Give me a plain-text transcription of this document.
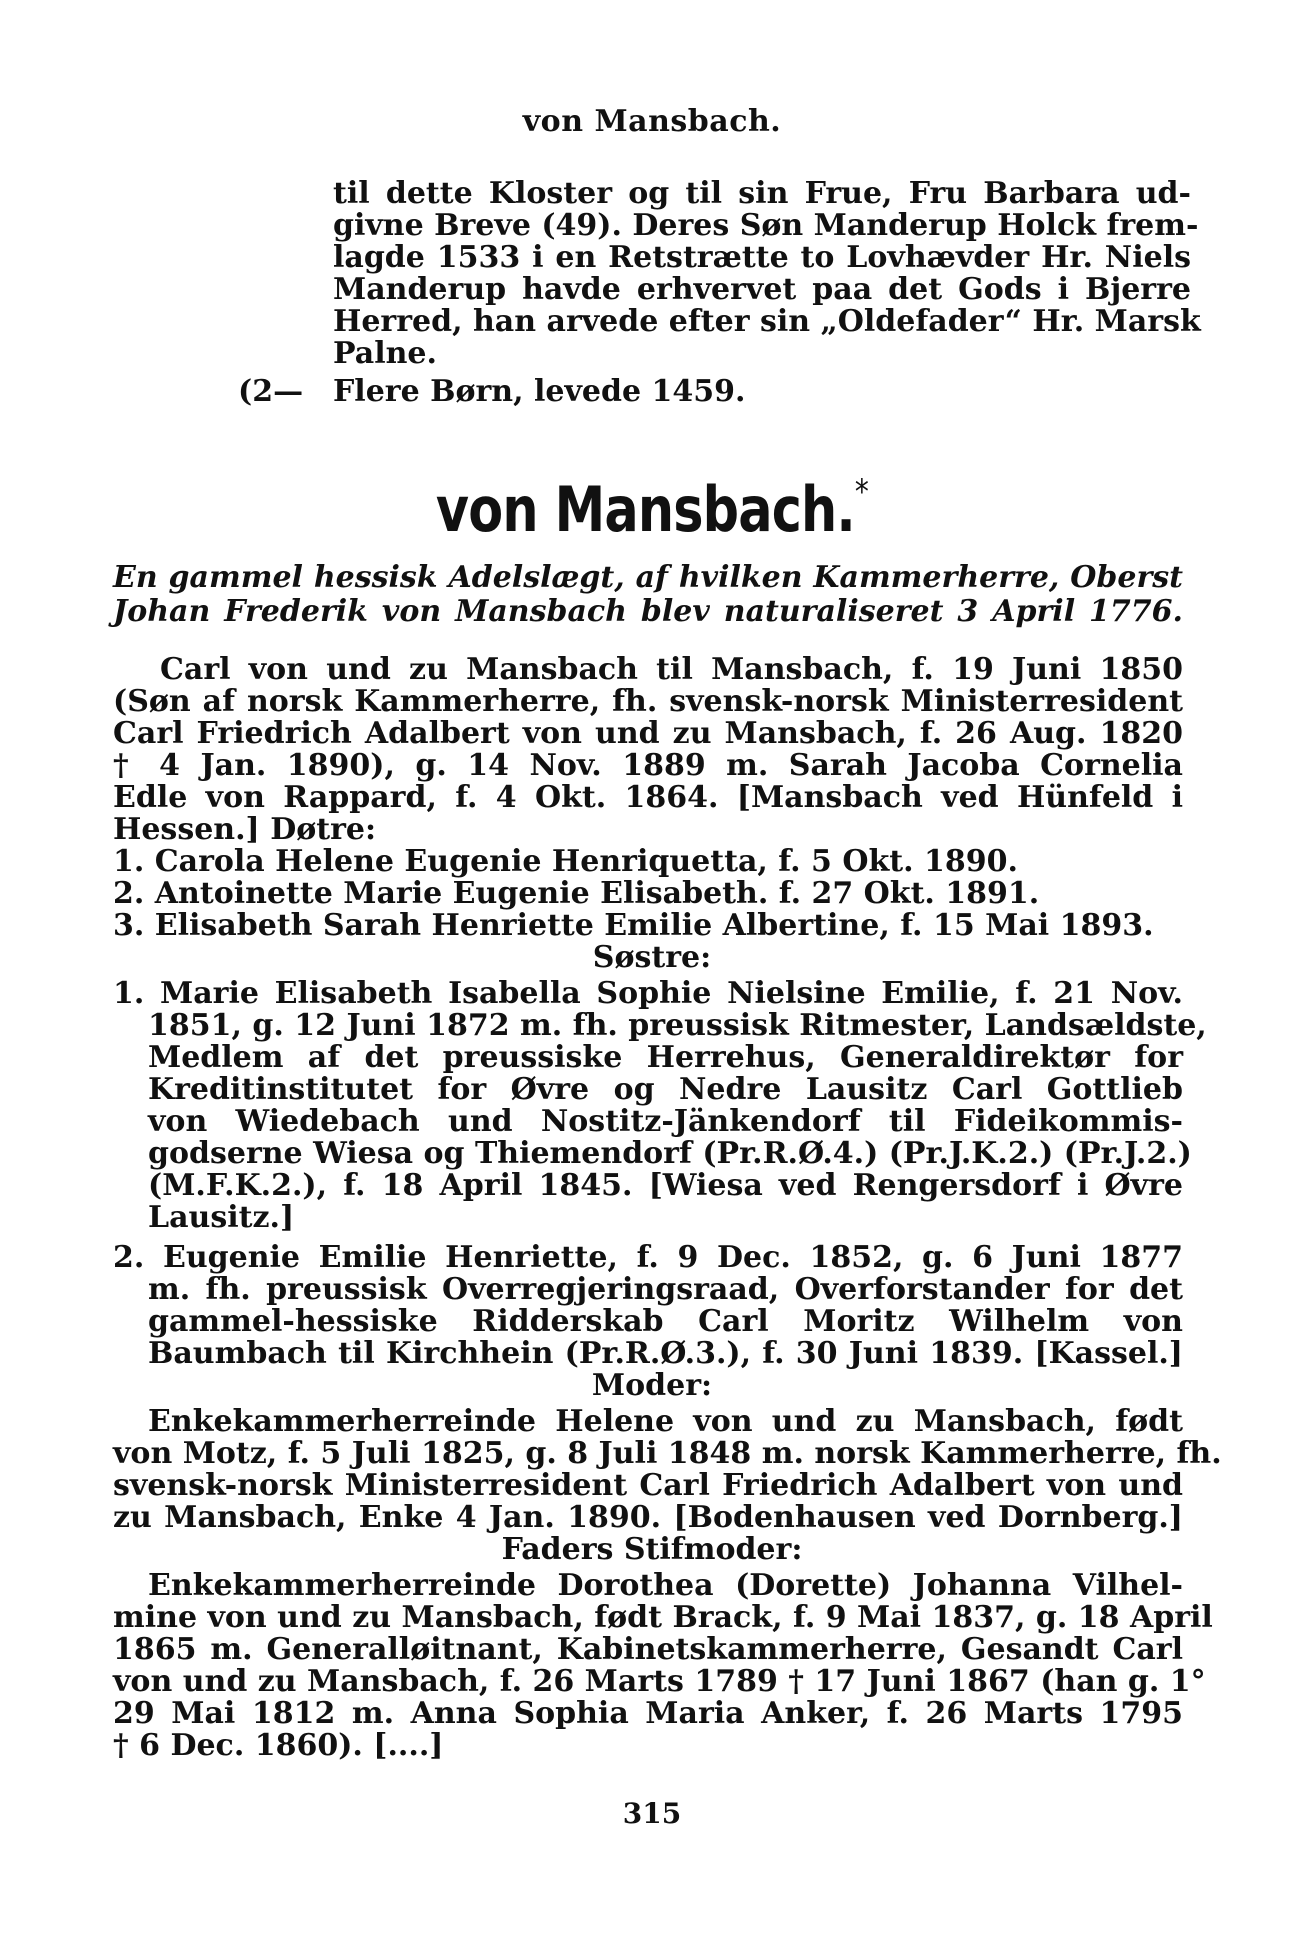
von Mansbach.
til dette Kloster og til sin Frue, Fru Barbara ud-
givne Breve (49). Deres Søn Manderup Holck frem-
lagde 1533 i en Retstrætte to Lovhævder Hr. Niels
Manderup havde erhvervet paa det Gods i Bjerre
Herred, han arvede efter sin „Oldefader“ Hr. Marsk
Palne.
(2— Flere Børn, levede 1459.
von Mansbach.*
En gammel hessisk Adelslægt, af hvilken Kammerherre, Oberst
Johan Frederik von Mansbach blev naturaliseret 3 April 1776.
Carl von und zu Mansbach til Mansbach, f. 19 Juni 1850
(Søn af norsk Kammerherre, fh. svensk-norsk Ministerresident
Carl Friedrich Adalbert von und zu Mansbach, f. 26 Aug. 1820
† 4 Jan. 1890), g. 14 Nov. 1889 m. Sarah Jacoba Cornelia
Edle von Rappard, f. 4 Okt. 1864. [Mansbach ved Hünfeld i
Hessen.] Døtre:
1. Carola Helene Eugenie Henriquetta, f. 5 Okt. 1890.
2. Antoinette Marie Eugenie Elisabeth. f. 27 Okt. 1891.
3. Elisabeth Sarah Henriette Emilie Albertine, f. 15 Mai 1893.
Søstre:
1. Marie Elisabeth Isabella Sophie Nielsine Emilie, f. 21 Nov.
1851, g. 12 Juni 1872 m. fh. preussisk Ritmester, Landsældste,
Medlem af det preussiske Herrehus, Generaldirektør for
Kreditinstitutet for Øvre og Nedre Lausitz Carl Gottlieb
von Wiedebach und Nostitz-Jänkendorf til Fideikommis-
godserne Wiesa og Thiemendorf (Pr.R.Ø.4.) (Pr.J.K.2.) (Pr.J.2.)
(M.F.K.2.), f. 18 April 1845. [Wiesa ved Rengersdorf i Øvre
Lausitz.]
2. Eugenie Emilie Henriette, f. 9 Dec. 1852, g. 6 Juni 1877
m. fh. preussisk Overregjeringsraad, Overforstander for det
gammel-hessiske Ridderskab Carl Moritz Wilhelm von
Baumbach til Kirchhein (Pr.R.Ø.3.), f. 30 Juni 1839. [Kassel.]
Moder:
Enkekammerherreinde Helene von und zu Mansbach, født
von Motz, f. 5 Juli 1825, g. 8 Juli 1848 m. norsk Kammerherre, fh.
svensk-norsk Ministerresident Carl Friedrich Adalbert von und
zu Mansbach, Enke 4 Jan. 1890. [Bodenhausen ved Dornberg.]
Faders Stifmoder:
Enkekammerherreinde Dorothea (Dorette) Johanna Vilhel-
mine von und zu Mansbach, født Brack, f. 9 Mai 1837, g. 18 April
1865 m. Generalløitnant, Kabinetskammerherre, Gesandt Carl
von und zu Mansbach, f. 26 Marts 1789 † 17 Juni 1867 (han g. 1°
29 Mai 1812 m. Anna Sophia Maria Anker, f. 26 Marts 1795
† 6 Dec. 1860). [....]
315
